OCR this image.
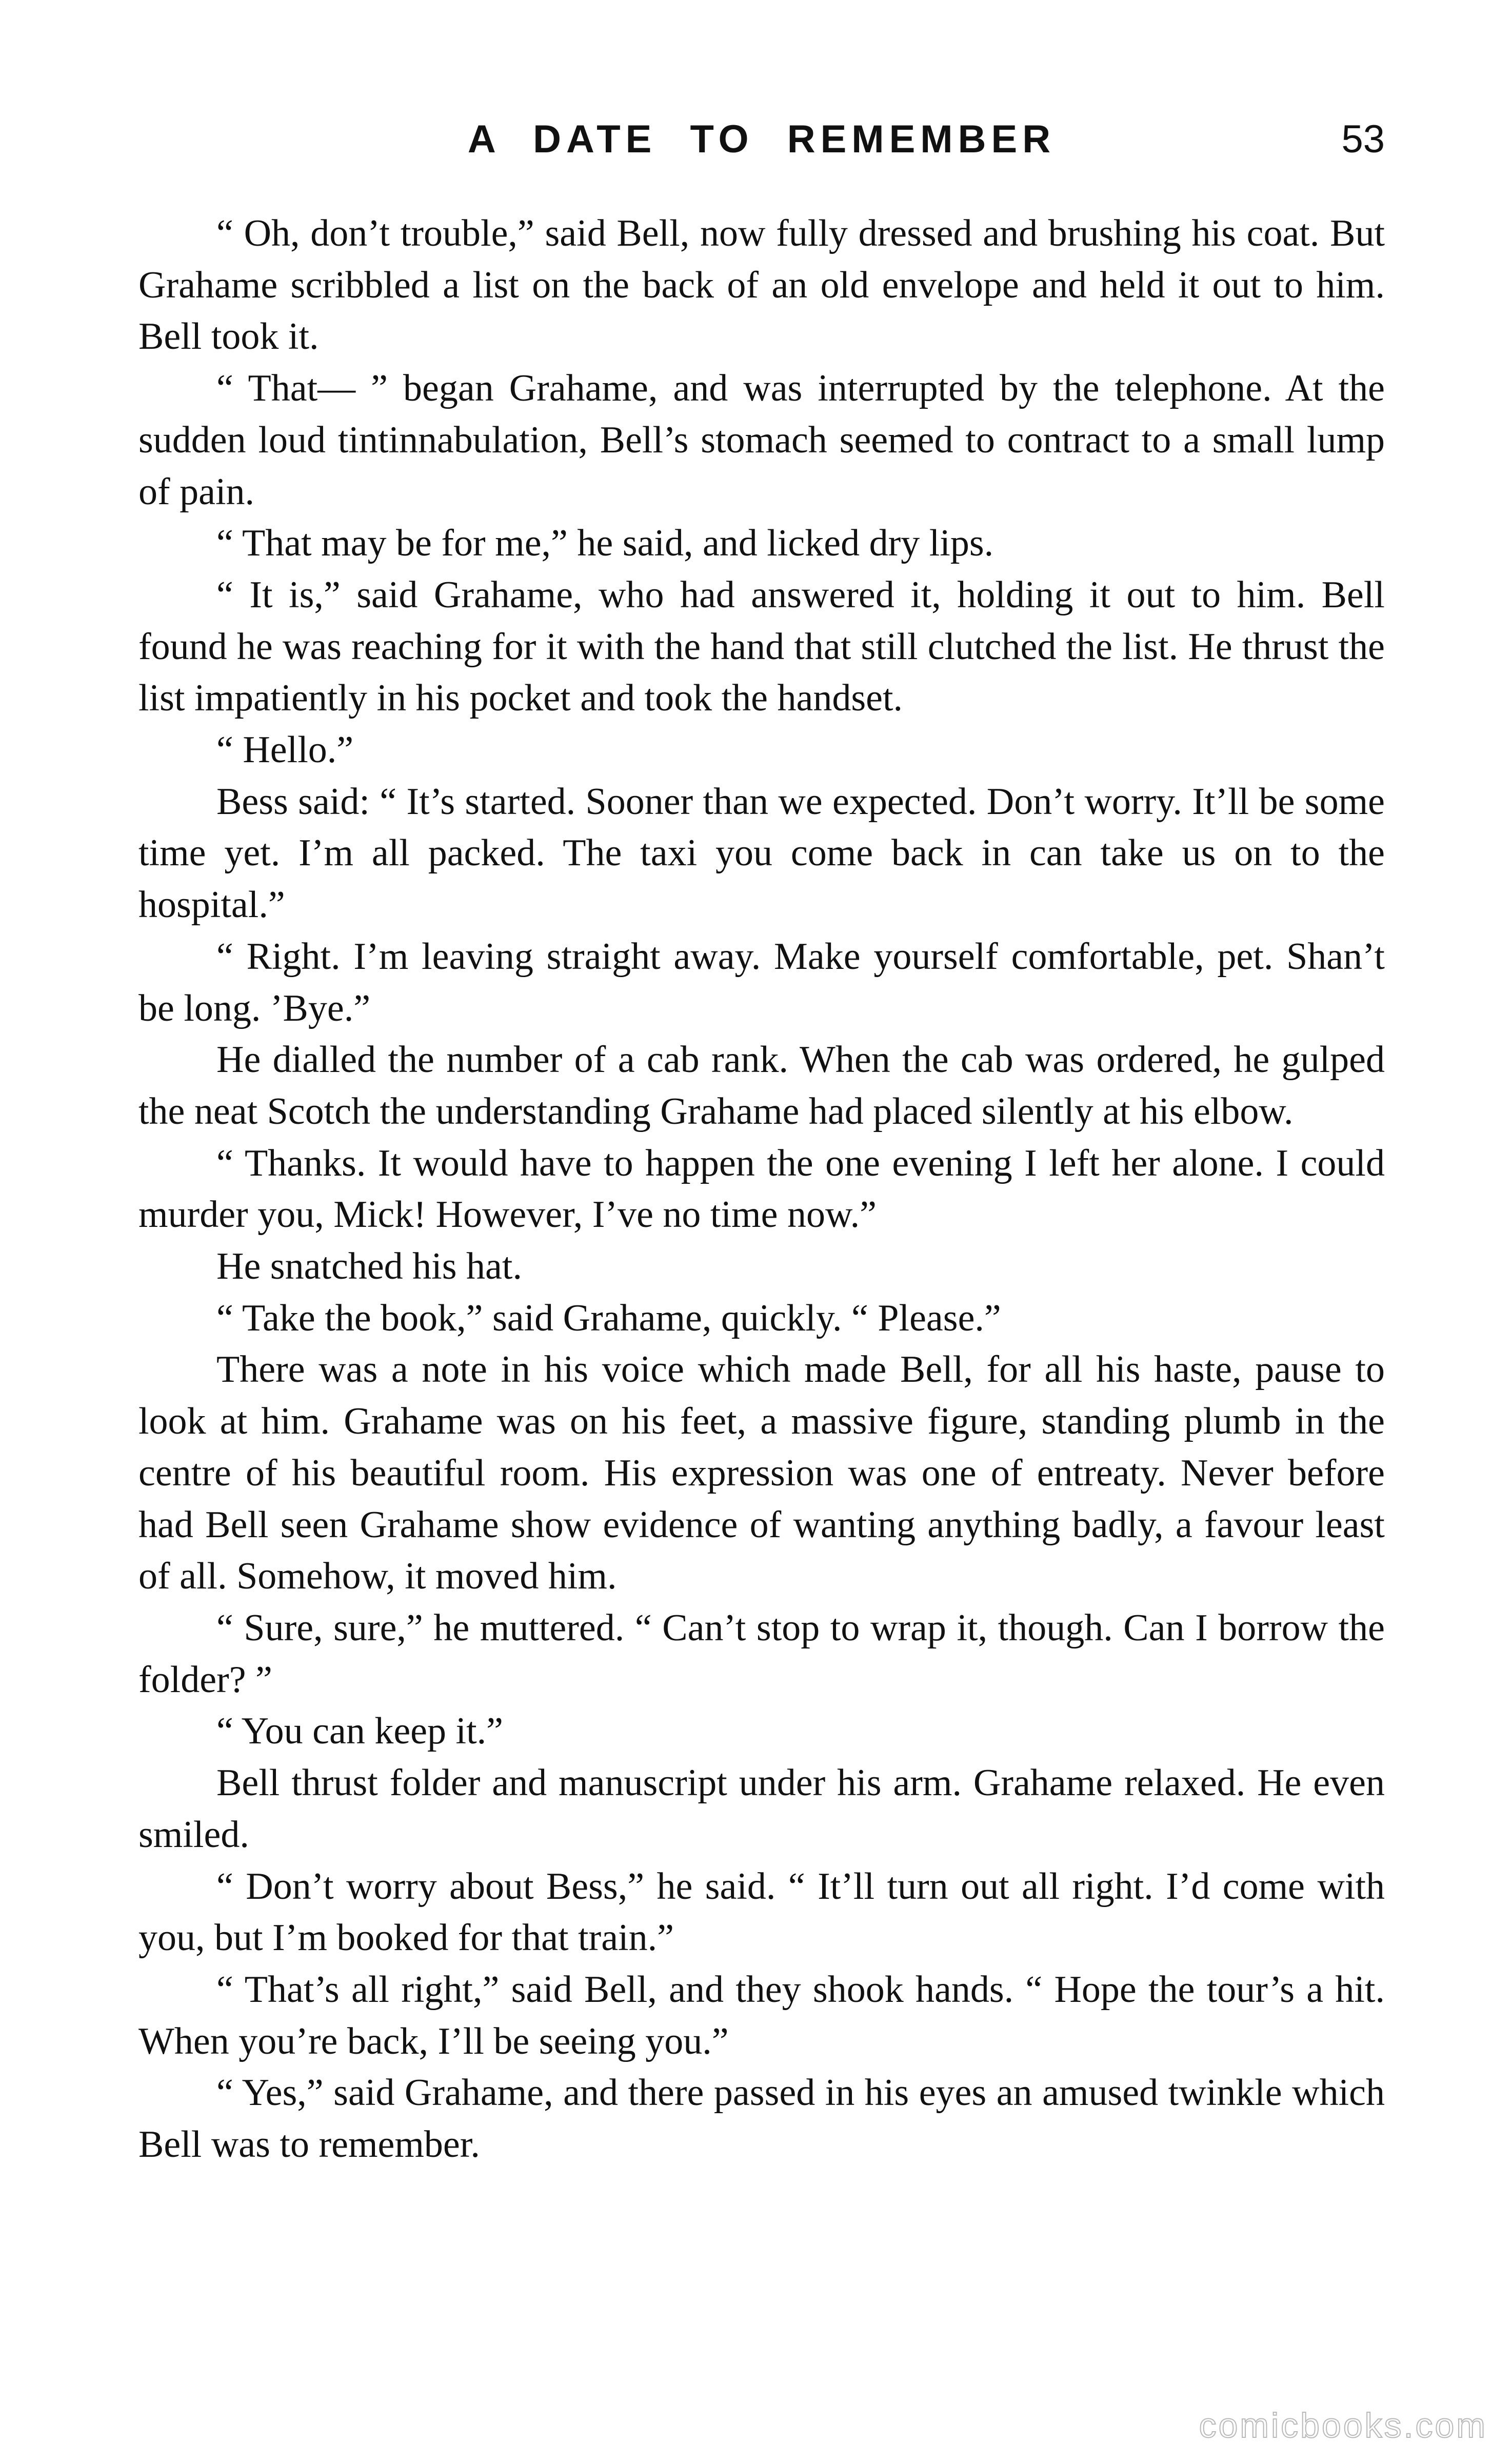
A DATE TO REMEMBER	53

“ Oh, don’t trouble,” said Bell, now fully dressed and brushing his coat. But Grahame scribbled a list on the back of an old envelope and held it out to him. Bell took it.

“ That— ” began Grahame, and was interrupted by the telephone. At the sudden loud tintinnabulation, Bell’s stomach seemed to contract to a small lump of pain.

“ That may be for me,” he said, and licked dry lips.

“ It is,” said Grahame, who had answered it, holding it out to him. Bell found he was reaching for it with the hand that still clutched the list. He thrust the list impatiently in his pocket and took the handset.

“ Hello.”

Bess said: “ It’s started. Sooner than we expected. Don’t worry. It’ll be some time yet. I’m all packed. The taxi you come back in can take us on to the hospital.”

“ Right. I’m leaving straight away. Make yourself comfortable, pet. Shan’t be long. ’Bye.”

He dialled the number of a cab rank. When the cab was ordered, he gulped the neat Scotch the understanding Grahame had placed silently at his elbow.

“ Thanks. It would have to happen the one evening I left her alone. I could murder you, Mick! However, I’ve no time now.”

He snatched his hat.

“ Take the book,” said Grahame, quickly. “ Please.”

There was a note in his voice which made Bell, for all his haste, pause to look at him. Grahame was on his feet, a massive figure, standing plumb in the centre of his beautiful room. His expression was one of entreaty. Never before had Bell seen Grahame show evidence of wanting anything badly, a favour least of all. Somehow, it moved him.

“ Sure, sure,” he muttered. “ Can’t stop to wrap it, though. Can I borrow the folder? ”

“ You can keep it.”

Bell thrust folder and manuscript under his arm. Grahame relaxed. He even smiled.

“ Don’t worry about Bess,” he said. “ It’ll turn out all right. I’d come with you, but I’m booked for that train.”

“ That’s all right,” said Bell, and they shook hands. “ Hope the tour’s a hit. When you’re back, I’ll be seeing you.”

“ Yes,” said Grahame, and there passed in his eyes an amused twinkle which Bell was to remember.

comicbooks.com
